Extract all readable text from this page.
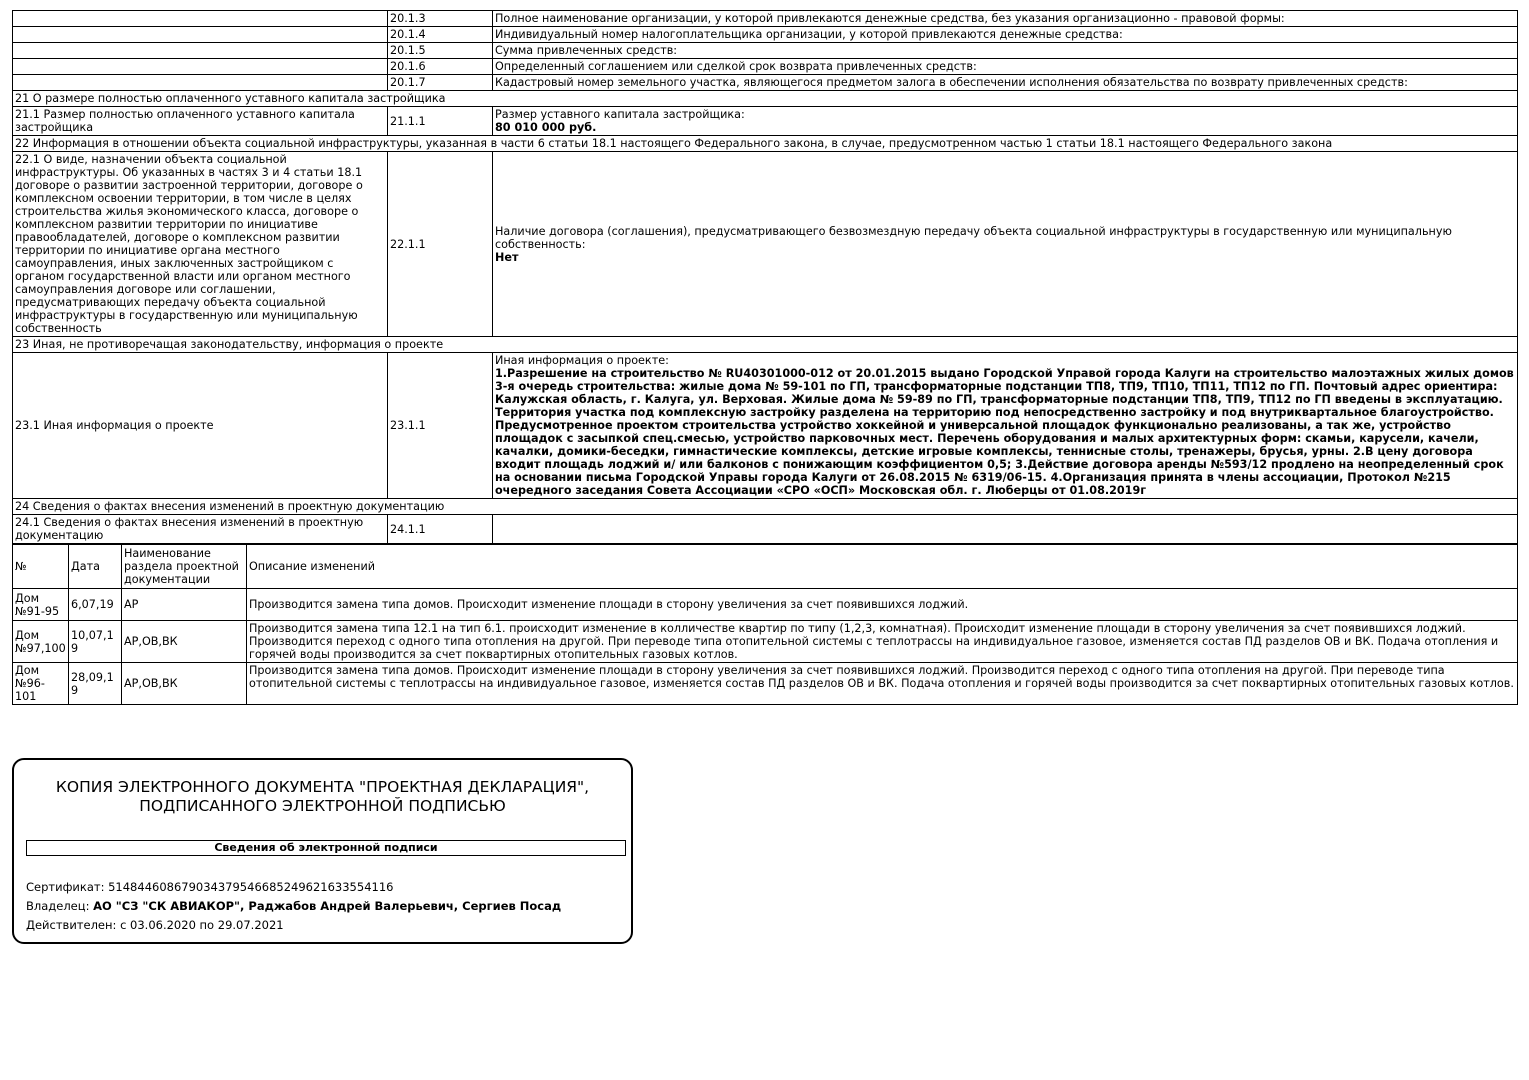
	20.1.3	Полное наименование организации, у которой привлекаются денежные средства, без указания организационно - правовой формы:
	20.1.4	Индивидуальный номер налогоплательщика организации, у которой привлекаются денежные средства:
	20.1.5	Сумма привлеченных средств:
	20.1.6	Определенный соглашением или сделкой срок возврата привлеченных средств:
	20.1.7	Кадастровый номер земельного участка, являющегося предметом залога в обеспечении исполнения обязательства по возврату привлеченных средств:
21 О размере полностью оплаченного уставного капитала застройщика		
21.1 Размер полностью оплаченного уставного капитала застройщика	21.1.1	Размер уставного капитала застройщика:
80 010 000 руб.

22 Информация в отношении объекта социальной инфраструктуры, указанная в части 6 статьи 18.1 настоящего Федерального закона, в случае, предусмотренном частью 1 статьи 18.1 настоящего Федерального закона		
22.1 О виде, назначении объекта социальной инфраструктуры. Об указанных в частях 3 и 4 статьи 18.1 договоре о развитии застроенной территории, договоре о комплексном освоении территории, в том числе в целях строительства жилья экономического класса, договоре о комплексном развитии территории по инициативе правообладателей, договоре о комплексном развитии территории по инициативе органа местного самоуправления, иных заключенных застройщиком с органом государственной власти или органом местного самоуправления договоре или соглашении, предусматривающих передачу объекта социальной инфраструктуры в государственную или муниципальную собственность	22.1.1	Наличие договора (соглашения), предусматривающего безвозмездную передачу объекта социальной инфраструктуры в государственную или муниципальную собственность:
Нет

23 Иная, не противоречащая законодательству, информация о проекте		
23.1 Иная информация о проекте	23.1.1	Иная информация о проекте:
1.Разрешение на строительство № RU40301000-012 от 20.01.2015 выдано Городской Управой города Калуги на строительство малоэтажных жилых домов 3-я очередь строительства: жилые дома № 59-101 по ГП, трансформаторные подстанции ТП8, ТП9, ТП10, ТП11, ТП12 по ГП. Почтовый адрес ориентира: Калужская область, г. Калуга, ул. Верховая. Жилые дома № 59-89 по ГП, трансформаторные подстанции ТП8, ТП9, ТП12 по ГП введены в эксплуатацию. Территория участка под комплексную застройку разделена на территорию под непосредственно застройку и под внутриквартальное благоустройство. Предусмотренное проектом строительства устройство хоккейной и универсальной площадок функционально реализованы, а так же, устройство площадок с засыпкой спец.смесью, устройство парковочных мест. Перечень оборудования и малых архитектурных форм: скамьи, карусели, качели, качалки, домики-беседки, гимнастические комплексы, детские игровые комплексы, теннисные столы, тренажеры, брусья, урны. 2.В цену договора входит площадь лоджий и/ или балконов с понижающим коэффициентом 0,5; 3.Действие договора аренды №593/12 продлено на неопределенный срок на основании письма Городской Управы города Калуги от 26.08.2015 № 6319/06-15. 4.Организация принята в члены ассоциации, Протокол №215 очередного заседания Совета Ассоциации «СРО «ОСП» Московская обл. г. Люберцы от 01.08.2019г

24 Сведения о фактах внесения изменений в проектную документацию		
24.1 Сведения о фактах внесения изменений в проектную документацию	24.1.1	
№	Дата	Наименование раздела проектной документации	Описание изменений
Дом №91-95	6,07,19	АР	Производится замена типа домов. Происходит изменение площади в сторону увеличения за счет появившихся лоджий.
Дом №97,100	10,07,19	АР,ОВ,ВК	Производится замена типа 12.1 на тип 6.1. происходит изменение в колличестве квартир по типу (1,2,3, комнатная). Происходит изменение площади в сторону увеличения за счет появившихся лоджий. Производится переход с одного типа отопления на другой. При переводе типа отопительной системы с теплотрассы на индивидуальное газовое, изменяется состав ПД разделов ОВ и ВК. Подача отопления и горячей воды производится за счет поквартирных отопительных газовых котлов.
Дом №96-101	28,09,19	АР,ОВ,ВК	Производится замена типа домов. Происходит изменение площади в сторону увеличения за счет появившихся лоджий. Производится переход с одного типа отопления на другой. При переводе типа отопительной системы с теплотрассы на индивидуальное газовое, изменяется состав ПД разделов ОВ и ВК. Подача отопления и горячей воды производится за счет поквартирных отопительных газовых котлов.
КОПИЯ ЭЛЕКТРОННОГО ДОКУМЕНТА "ПРОЕКТНАЯ ДЕКЛАРАЦИЯ",
ПОДПИСАННОГО ЭЛЕКТРОННОЙ ПОДПИСЬЮ
Сведения об электронной подписи
Сертификат: 514844608679034379546685249621633554116
Владелец: АО "СЗ "СК АВИАКОР", Раджабов Андрей Валерьевич, Сергиев Посад
Действителен: с 03.06.2020 по 29.07.2021
